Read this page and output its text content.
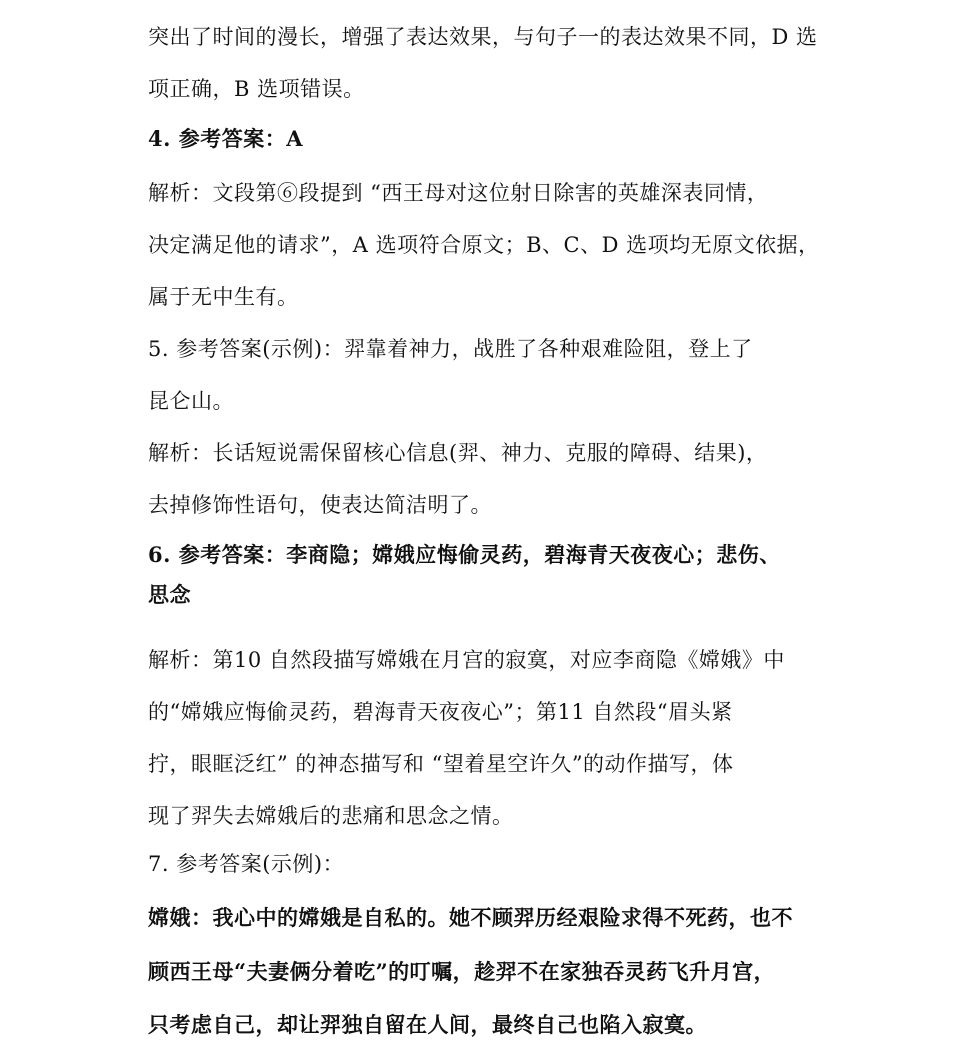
突出了时间的漫长，增强了表达效果，与句子一的表达效果不同，D 选
项正确，B 选项错误。
4. 参考答案：A
解析：文段第⑥段提到 “西王母对这位射日除害的英雄深表同情，
决定满足他的请求”，A 选项符合原文；B、C、D 选项均无原文依据，
属于无中生有。
5. 参考答案(示例)：羿靠着神力，战胜了各种艰难险阻，登上了
昆仑山。
解析：长话短说需保留核心信息(羿、神力、克服的障碍、结果)，
去掉修饰性语句，使表达简洁明了。
6. 参考答案：李商隐；嫦娥应悔偷灵药，碧海青天夜夜心；悲伤、
思念
解析：第10 自然段描写嫦娥在月宫的寂寞，对应李商隐《嫦娥》中
的“嫦娥应悔偷灵药，碧海青天夜夜心”；第11 自然段“眉头紧
拧，眼眶泛红” 的神态描写和 “望着星空许久”的动作描写，体
现了羿失去嫦娥后的悲痛和思念之情。
7. 参考答案(示例)：
嫦娥：我心中的嫦娥是自私的。她不顾羿历经艰险求得不死药，也不
顾西王母“夫妻俩分着吃”的叮嘱，趁羿不在家独吞灵药飞升月宫，
只考虑自己，却让羿独自留在人间，最终自己也陷入寂寞。
